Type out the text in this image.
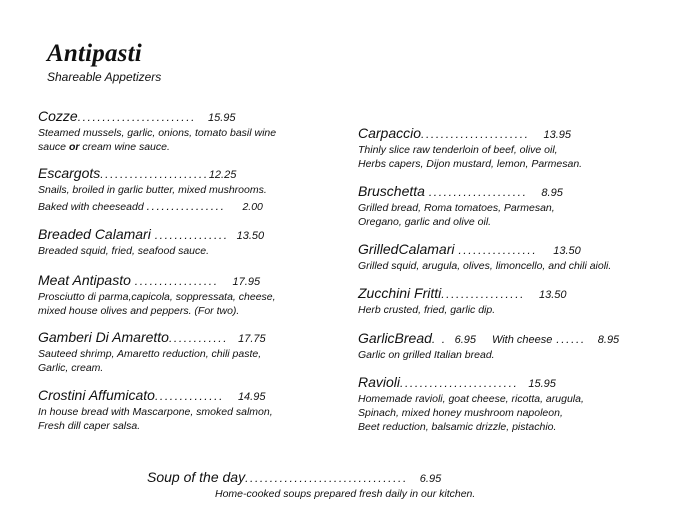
Antipasti
Shareable Appetizers
Cozze........................ 15.95
Steamed mussels, garlic, onions, tomato basil wine
sauce or cream wine sauce.
Escargots......................12.25
Snails, broiled in garlic butter, mixed mushrooms.
Baked with cheeseadd ................ 2.00
Breaded Calamari ............... 13.50
Breaded squid, fried, seafood sauce.
Meat Antipasto ................. 17.95
Prosciutto di parma,capicola, soppressata, cheese,
mixed house olives and peppers. (For two).
Gamberi Di Amaretto............ 17.75
Sauteed shrimp, Amaretto reduction, chili paste,
Garlic, cream.
Crostini Affumicato.............. 14.95
In house bread with Mascarpone, smoked salmon,
Fresh dill caper salsa.
Carpaccio...................... 13.95
Thinly slice raw tenderloin of beef, olive oil,
Herbs capers, Dijon mustard, lemon, Parmesan.
Bruschetta .................... 8.95
Grilled bread, Roma tomatoes, Parmesan,
Oregano, garlic and olive oil.
GrilledCalamari ................ 13.50
Grilled squid, arugula, olives, limoncello, and chili aioli.
Zucchini Fritti................. 13.50
Herb crusted, fried, garlic dip.
GarlicBread. . 6.95 With cheese ...... 8.95
Garlic on grilled Italian bread.
Ravioli........................ 15.95
Homemade ravioli, goat cheese, ricotta, arugula,
Spinach, mixed honey mushroom napoleon,
Beet reduction, balsamic drizzle, pistachio.
Soup of the day................................. 6.95
Home-cooked soups prepared fresh daily in our kitchen.
